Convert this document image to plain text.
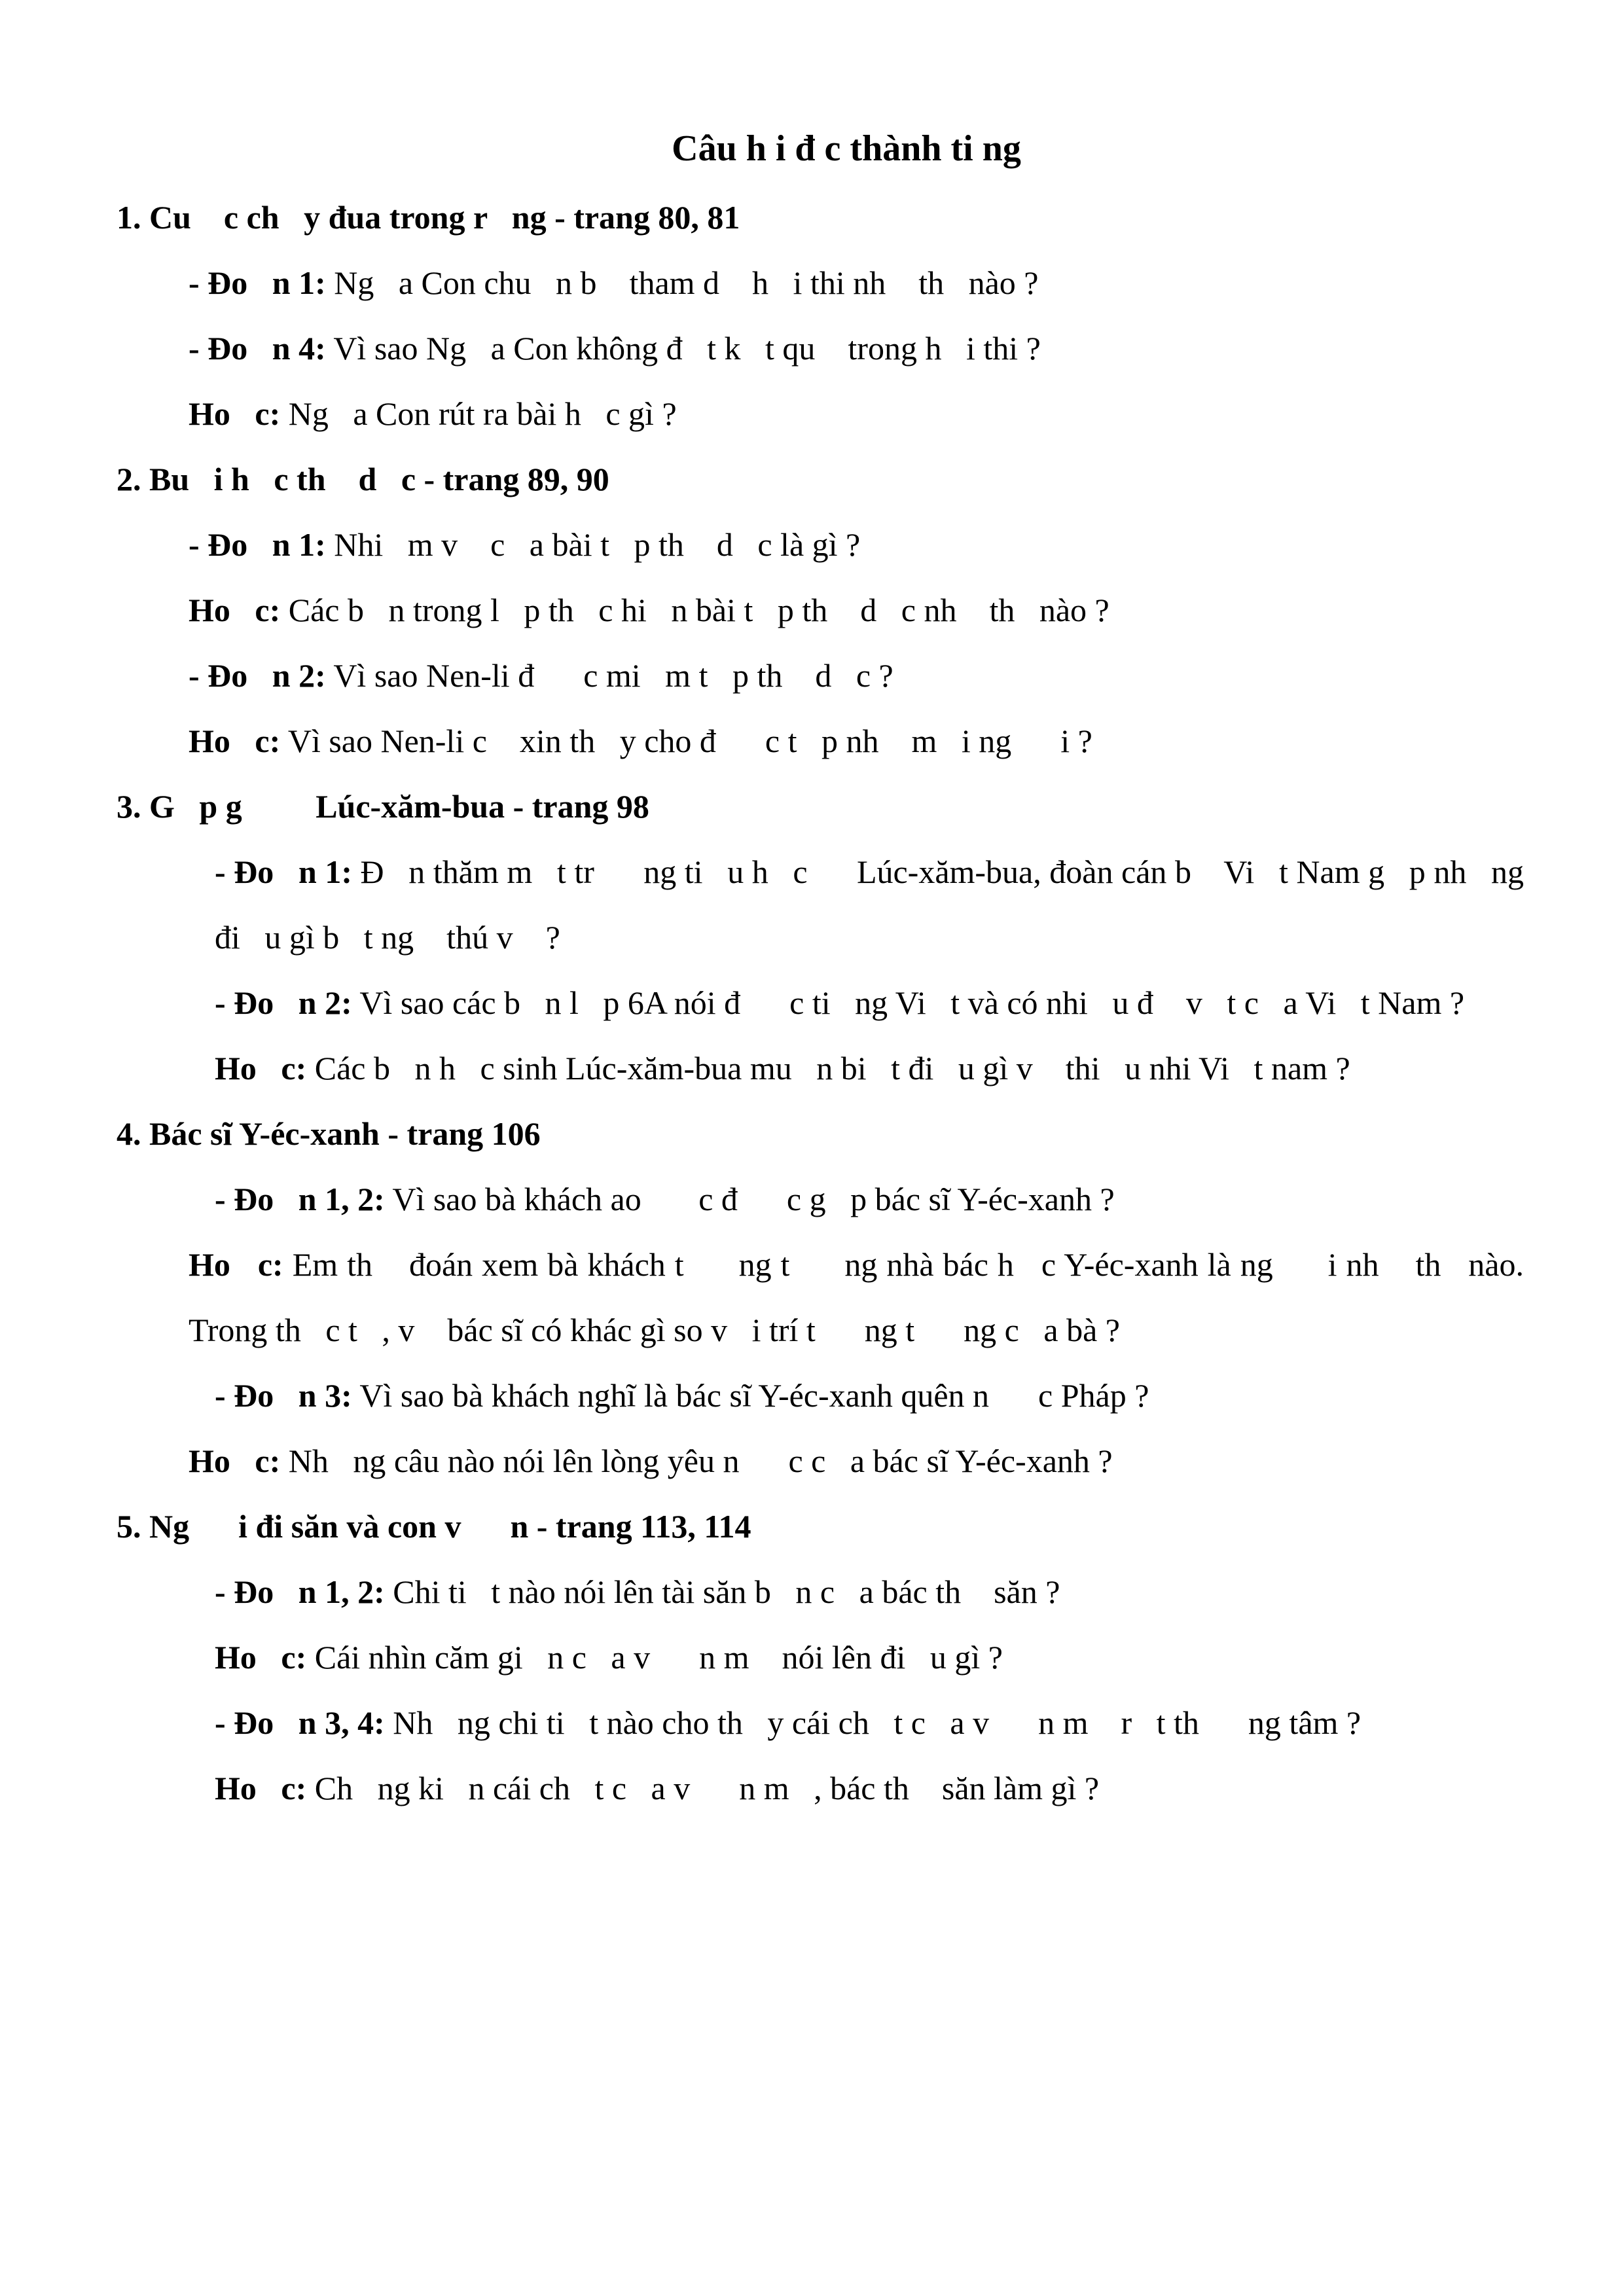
Câu h i đ c thành ti ng
1. Cu    c ch   y đua trong r   ng - trang 80, 81
- Đo   n 1: Ng   a Con chu   n b    tham d    h   i thi nh    th   nào ?
- Đo   n 4: Vì sao Ng   a Con không đ   t k   t qu    trong h   i thi ?
Ho   c: Ng   a Con rút ra bài h   c gì ?
2. Bu   i h   c th    d   c - trang 89, 90
- Đo   n 1: Nhi   m v    c   a bài t   p th    d   c là gì ?
Ho   c: Các b   n trong l   p th   c hi   n bài t   p th    d   c nh    th   nào ?
- Đo   n 2: Vì sao Nen-li đ      c mi   m t   p th    d   c ?
Ho   c: Vì sao Nen-li c    xin th   y cho đ      c t   p nh    m   i ng      i ?
3. G   p g         Lúc-xăm-bua - trang 98
- Đo   n 1: Đ   n thăm m   t tr      ng ti   u h   c      Lúc-xăm-bua, đoàn cán b    Vi   t Nam g   p nh   ng đi   u gì b   t ng    thú v    ?
- Đo   n 2: Vì sao các b   n l   p 6A nói đ      c ti   ng Vi   t và có nhi   u đ    v   t c   a Vi   t Nam ?
Ho   c: Các b   n h   c sinh Lúc-xăm-bua mu   n bi   t đi   u gì v    thi   u nhi Vi   t nam ?
4. Bác sĩ Y-éc-xanh - trang 106
- Đo   n 1, 2: Vì sao bà khách ao       c đ      c g   p bác sĩ Y-éc-xanh ?
Ho   c: Em th    đoán xem bà khách t      ng t      ng nhà bác h   c Y-éc-xanh là ng      i nh    th   nào. Trong th   c t   , v    bác sĩ có khác gì so v   i trí t      ng t      ng c   a bà ?
- Đo   n 3: Vì sao bà khách nghĩ là bác sĩ Y-éc-xanh quên n      c Pháp ?
Ho   c: Nh   ng câu nào nói lên lòng yêu n      c c   a bác sĩ Y-éc-xanh ?
5. Ng      i đi săn và con v      n - trang 113, 114
- Đo   n 1, 2: Chi ti   t nào nói lên tài săn b   n c   a bác th    săn ?
Ho   c: Cái nhìn căm gi   n c   a v      n m    nói lên đi   u gì ?
- Đo   n 3, 4: Nh   ng chi ti   t nào cho th   y cái ch   t c   a v      n m    r   t th      ng tâm ?
Ho   c: Ch   ng ki   n cái ch   t c   a v      n m   , bác th    săn làm gì ?
